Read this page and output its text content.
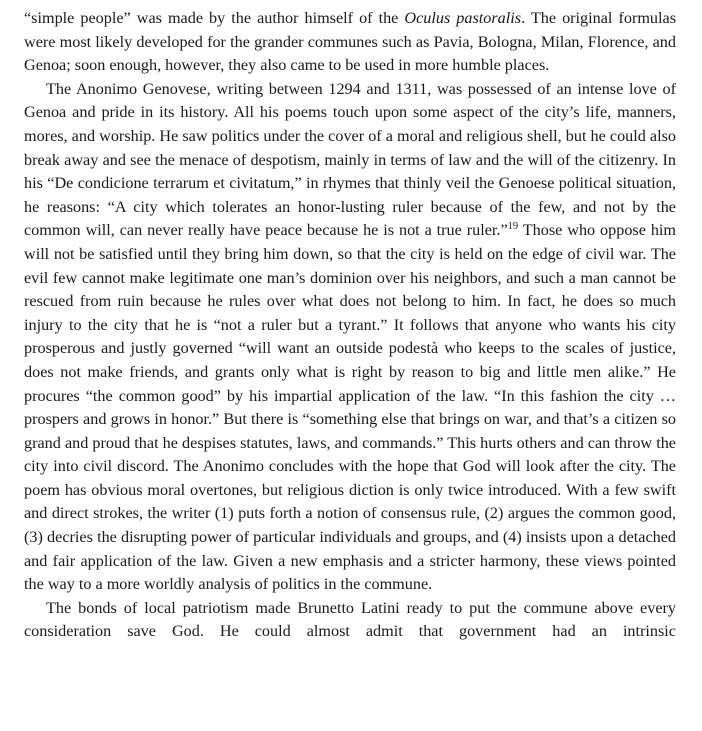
“simple people” was made by the author himself of the Oculus pastoralis. The original formulas were most likely developed for the grander communes such as Pavia, Bologna, Milan, Florence, and Genoa; soon enough, however, they also came to be used in more humble places.

The Anonimo Genovese, writing between 1294 and 1311, was possessed of an intense love of Genoa and pride in its history. All his poems touch upon some aspect of the city’s life, manners, mores, and worship. He saw politics under the cover of a moral and religious shell, but he could also break away and see the menace of despotism, mainly in terms of law and the will of the citizenry. In his “De condicione terrarum et civitatum,” in rhymes that thinly veil the Genoese political situation, he reasons: “A city which tolerates an honor-lusting ruler because of the few, and not by the common will, can never really have peace because he is not a true ruler.”$^{19}$ Those who oppose him will not be satisfied until they bring him down, so that the city is held on the edge of civil war. The evil few cannot make legitimate one man’s dominion over his neighbors, and such a man cannot be rescued from ruin because he rules over what does not belong to him. In fact, he does so much injury to the city that he is “not a ruler but a tyrant.” It follows that anyone who wants his city prosperous and justly governed “will want an outside podestà who keeps to the scales of justice, does not make friends, and grants only what is right by reason to big and little men alike.” He procures “the common good” by his impartial application of the law. “In this fashion the city … prospers and grows in honor.” But there is “something else that brings on war, and that’s a citizen so grand and proud that he despises statutes, laws, and commands.” This hurts others and can throw the city into civil discord. The Anonimo concludes with the hope that God will look after the city. The poem has obvious moral overtones, but religious diction is only twice introduced. With a few swift and direct strokes, the writer (1) puts forth a notion of consensus rule, (2) argues the common good, (3) decries the disrupting power of particular individuals and groups, and (4) insists upon a detached and fair application of the law. Given a new emphasis and a stricter harmony, these views pointed the way to a more worldly analysis of politics in the commune.

The bonds of local patriotism made Brunetto Latini ready to put the commune above every consideration save God. He could almost admit that government had an intrinsic
